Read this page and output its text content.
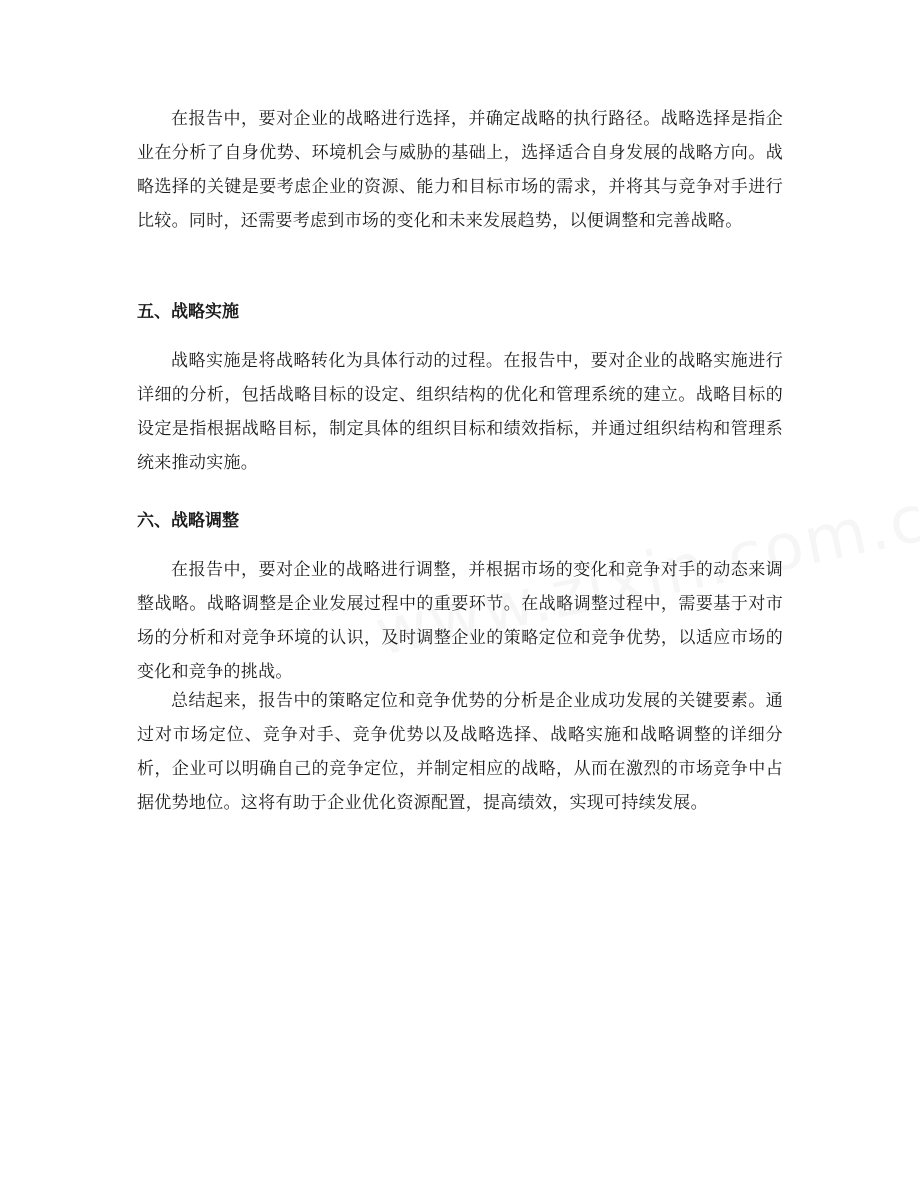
在报告中，要对企业的战略进行选择，并确定战略的执行路径。战略选择是指企业在分析了自身优势、环境机会与威胁的基础上，选择适合自身发展的战略方向。战略选择的关键是要考虑企业的资源、能力和目标市场的需求，并将其与竞争对手进行比较。同时，还需要考虑到市场的变化和未来发展趋势，以便调整和完善战略。

五、战略实施

战略实施是将战略转化为具体行动的过程。在报告中，要对企业的战略实施进行详细的分析，包括战略目标的设定、组织结构的优化和管理系统的建立。战略目标的设定是指根据战略目标，制定具体的组织目标和绩效指标，并通过组织结构和管理系统来推动实施。

六、战略调整

在报告中，要对企业的战略进行调整，并根据市场的变化和竞争对手的动态来调整战略。战略调整是企业发展过程中的重要环节。在战略调整过程中，需要基于对市场的分析和对竞争环境的认识，及时调整企业的策略定位和竞争优势，以适应市场的变化和竞争的挑战。

总结起来，报告中的策略定位和竞争优势的分析是企业成功发展的关键要素。通过对市场定位、竞争对手、竞争优势以及战略选择、战略实施和战略调整的详细分析，企业可以明确自己的竞争定位，并制定相应的战略，从而在激烈的市场竞争中占据优势地位。这将有助于企业优化资源配置，提高绩效，实现可持续发展。
